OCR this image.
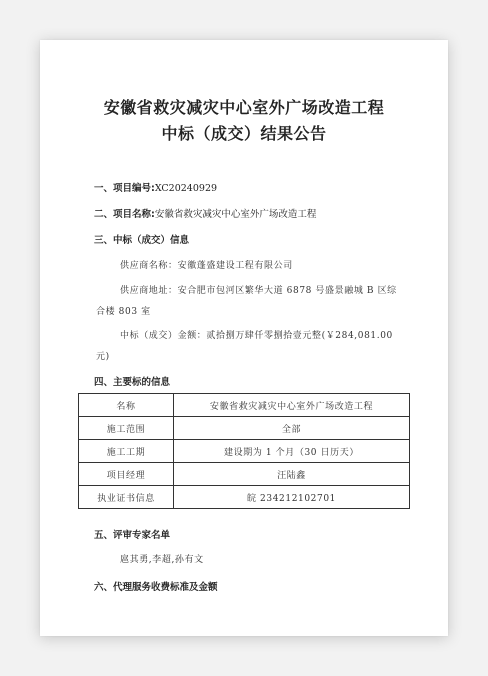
安徽省救灾减灾中心室外广场改造工程
中标（成交）结果公告
一、项目编号:XC20240929
二、项目名称:安徽省救灾减灾中心室外广场改造工程
三、中标（成交）信息
供应商名称：安徽蓬盛建设工程有限公司
供应商地址：安合肥市包河区繁华大道 6878 号盛景融城 B 区综
合楼 803 室
中标（成交）金额：贰拾捌万肆仟零捌拾壹元整(￥284,081.00
元)
四、主要标的信息
名称	安徽省救灾减灾中心室外广场改造工程
施工范围	全部
施工工期	建设期为 1 个月（30 日历天）
项目经理	汪陆鑫
执业证书信息	皖 234212102701
五、评审专家名单
扈其勇,李超,孙有文
六、代理服务收费标准及金额
